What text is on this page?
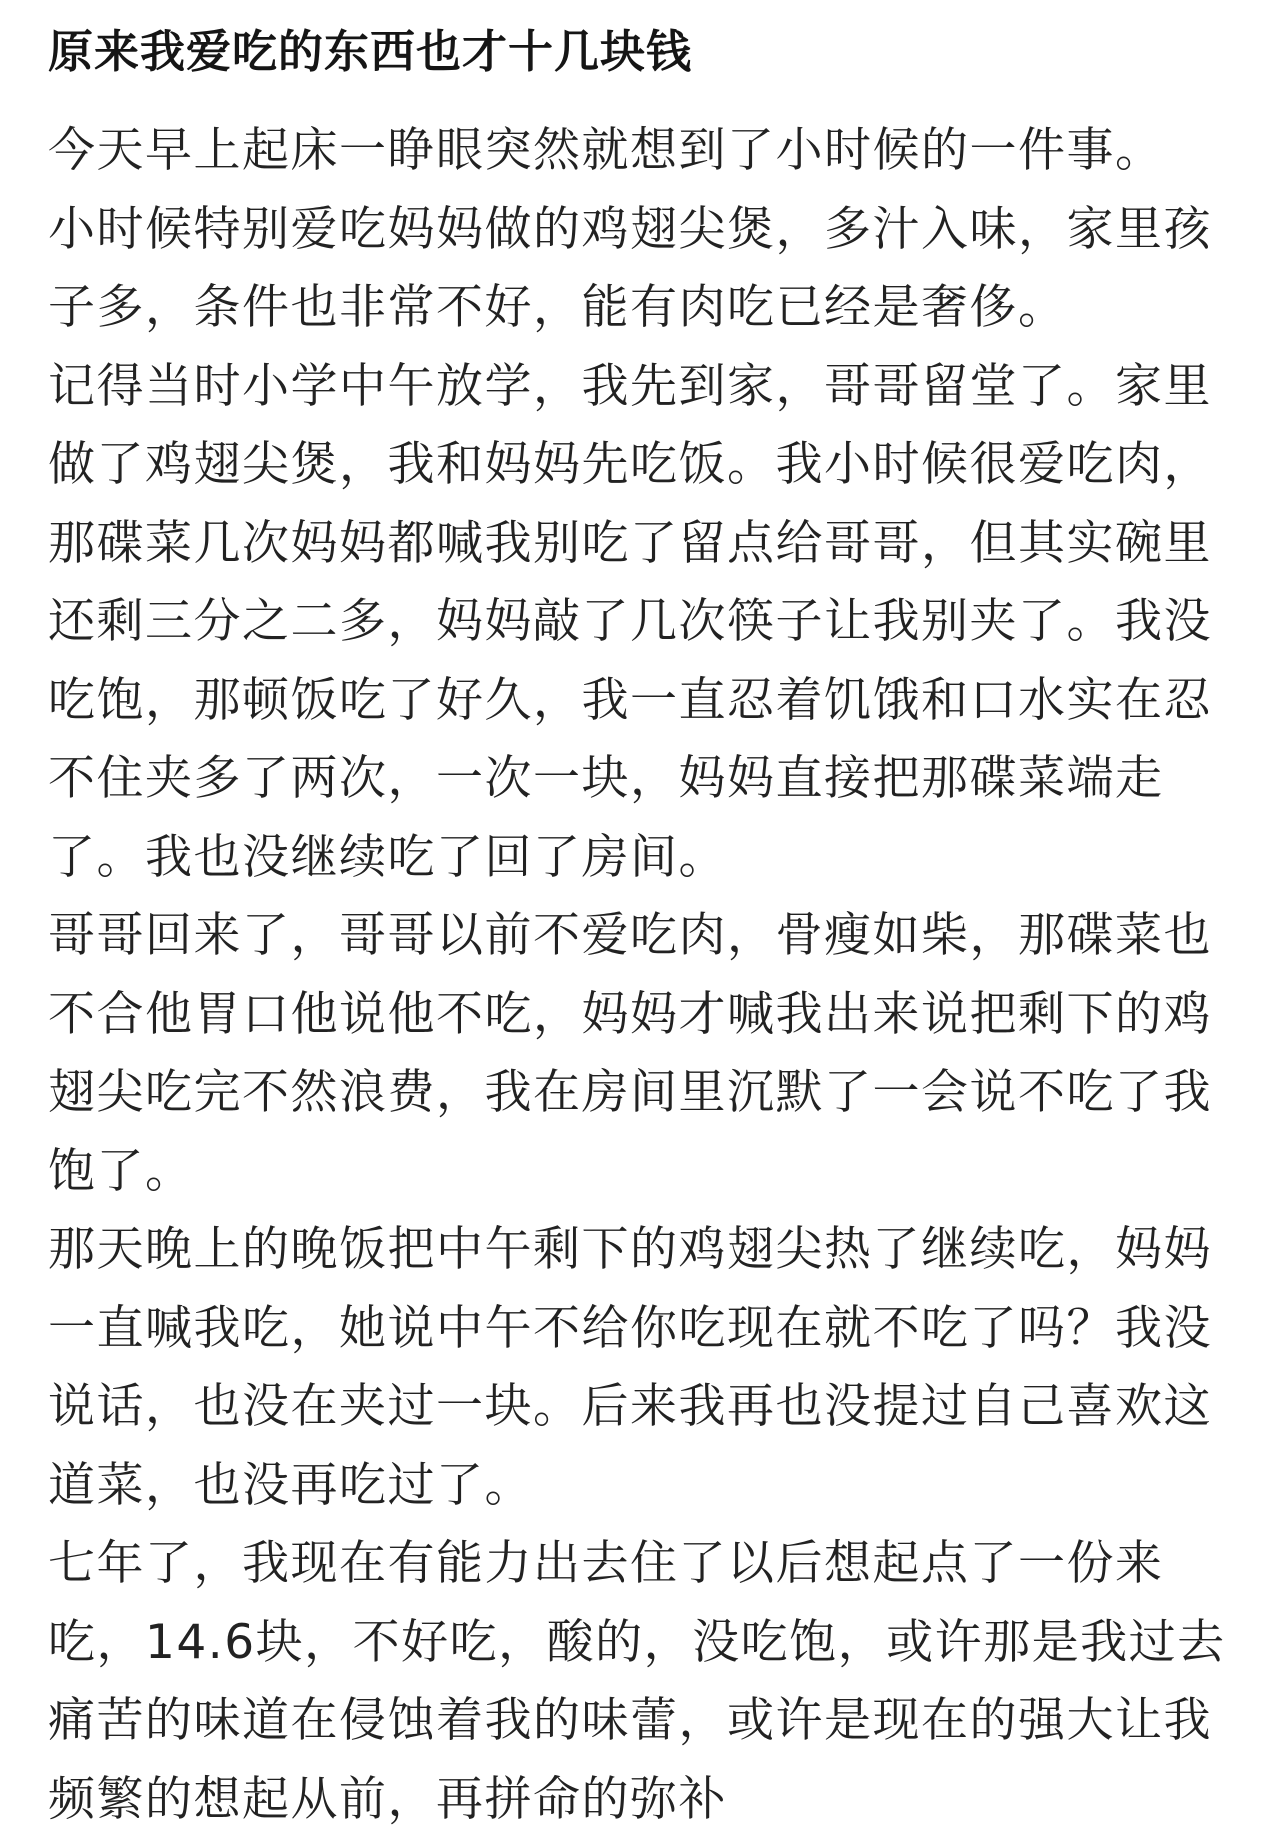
原来我爱吃的东西也才十几块钱

今天早上起床一睁眼突然就想到了小时候的一件事。

小时候特别爱吃妈妈做的鸡翅尖煲，多汁入味，家里孩子多，条件也非常不好，能有肉吃已经是奢侈。

记得当时小学中午放学，我先到家，哥哥留堂了。家里做了鸡翅尖煲，我和妈妈先吃饭。我小时候很爱吃肉，那碟菜几次妈妈都喊我别吃了留点给哥哥，但其实碗里还剩三分之二多，妈妈敲了几次筷子让我别夹了。我没吃饱，那顿饭吃了好久，我一直忍着饥饿和口水实在忍不住夹多了两次，一次一块，妈妈直接把那碟菜端走了。我也没继续吃了回了房间。

哥哥回来了，哥哥以前不爱吃肉，骨瘦如柴，那碟菜也不合他胃口他说他不吃，妈妈才喊我出来说把剩下的鸡翅尖吃完不然浪费，我在房间里沉默了一会说不吃了我饱了。

那天晚上的晚饭把中午剩下的鸡翅尖热了继续吃，妈妈一直喊我吃，她说中午不给你吃现在就不吃了吗？我没说话，也没在夹过一块。后来我再也没提过自己喜欢这道菜，也没再吃过了。

七年了，我现在有能力出去住了以后想起点了一份来吃，14.6块，不好吃，酸的，没吃饱，或许那是我过去痛苦的味道在侵蚀着我的味蕾，或许是现在的强大让我频繁的想起从前，再拼命的弥补
